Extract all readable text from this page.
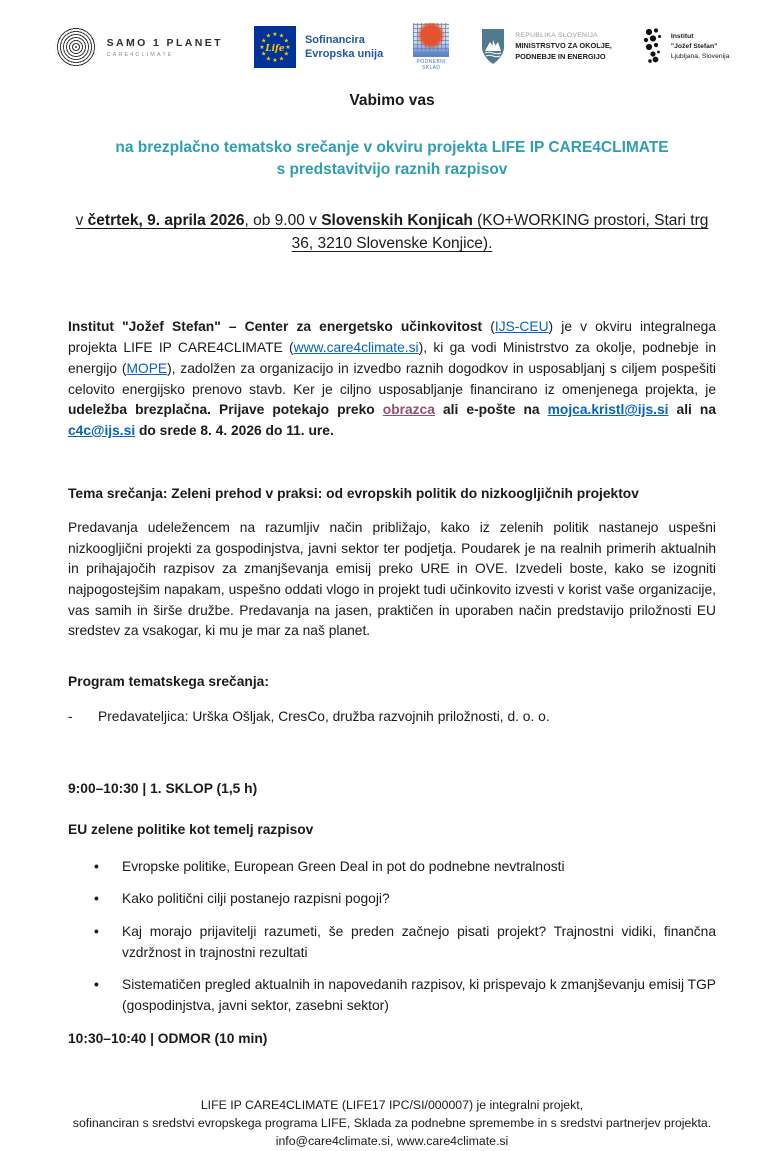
SAMO 1 PLANET
CARE4CLIMATE
★ ★
★
★
★
★
★
★
★
★
★
★
Life
Sofinancira
Evropska unija
PODNEBNI
SKLAD
REPUBLIKA SLOVENIJA
MINISTRSTVO ZA OKOLJE,
PODNEBJE IN ENERGIJO
Institut
"Jožef Stefan"
Ljubljana, Slovenija
Vabimo vas
na brezplačno tematsko srečanje v okviru projekta LIFE IP CARE4CLIMATE
s predstavitvijo raznih razpisov
v četrtek, 9. aprila 2026, ob 9.00 v Slovenskih Konjicah (KO+WORKING prostori, Stari trg 36, 3210 Slovenske Konjice).

Institut "Jožef Stefan" – Center za energetsko učinkovitost (IJS-CEU) je v okviru integralnega projekta LIFE IP CARE4CLIMATE (www.care4climate.si), ki ga vodi Ministrstvo za okolje, podnebje in energijo (MOPE), zadolžen za organizacijo in izvedbo raznih dogodkov in usposabljanj s ciljem pospešiti celovito energijsko prenovo stavb. Ker je ciljno usposabljanje financirano iz omenjenega projekta, je udeležba brezplačna. Prijave potekajo preko obrazca ali e-pošte na mojca.kristl@ijs.si ali na c4c@ijs.si do srede 8. 4. 2026 do 11. ure.

Tema srečanja: Zeleni prehod v praksi: od evropskih politik do nizkoogljičnih projektov

Predavanja udeležencem na razumljiv način približajo, kako iz zelenih politik nastanejo uspešni nizkoogljični projekti za gospodinjstva, javni sektor ter podjetja. Poudarek je na realnih primerih aktualnih in prihajajočih razpisov za zmanjševanja emisij preko URE in OVE. Izvedeli boste, kako se izogniti najpogostejšim napakam, uspešno oddati vlogo in projekt tudi učinkovito izvesti v korist vaše organizacije, vas samih in širše družbe. Predavanja na jasen, praktičen in uporaben način predstavijo priložnosti EU sredstev za vsakogar, ki mu je mar za naš planet.

Program tematskega srečanja:

-	Predavateljica: Urška Ošljak, CresCo, družba razvojnih priložnosti, d. o. o.

9:00–10:30 | 1. SKLOP (1,5 h)

EU zelene politike kot temelj razpisov

•	Evropske politike, European Green Deal in pot do podnebne nevtralnosti
•	Kako politični cilji postanejo razpisni pogoji?
•	Kaj morajo prijavitelji razumeti, še preden začnejo pisati projekt? Trajnostni vidiki, finančna vzdržnost in trajnostni rezultati
•	Sistematičen pregled aktualnih in napovedanih razpisov, ki prispevajo k zmanjševanju emisij TGP (gospodinjstva, javni sektor, zasebni sektor)

10:30–10:40 | ODMOR (10 min)

LIFE IP CARE4CLIMATE (LIFE17 IPC/SI/000007) je integralni projekt,
sofinanciran s sredstvi evropskega programa LIFE, Sklada za podnebne spremembe in s sredstvi partnerjev projekta.
info@care4climate.si, www.care4climate.si
